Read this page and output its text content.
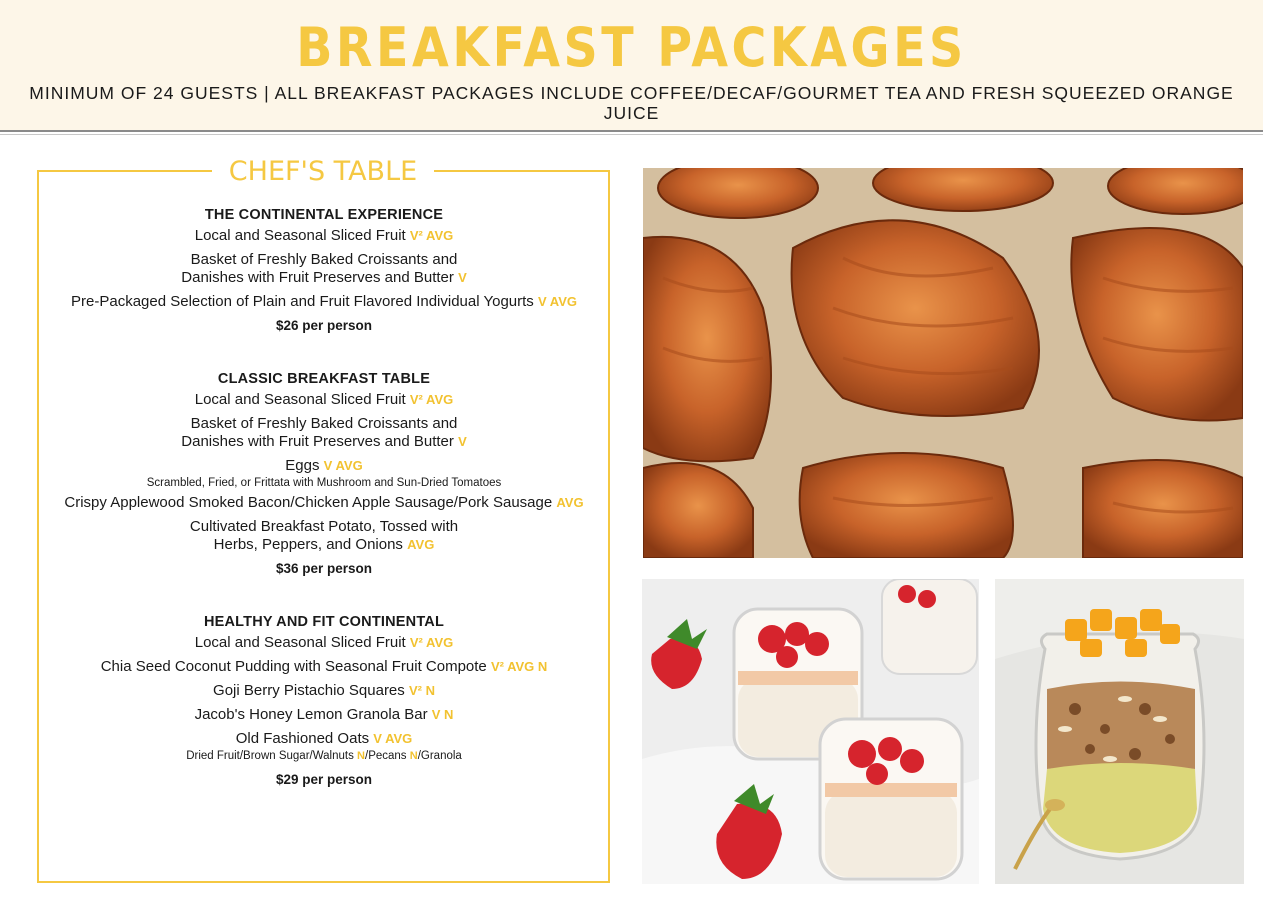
BREAKFAST PACKAGES
MINIMUM OF 24 GUESTS | ALL BREAKFAST PACKAGES INCLUDE COFFEE/DECAF/GOURMET TEA AND FRESH SQUEEZED ORANGE JUICE
CHEF'S TABLE
THE CONTINENTAL EXPERIENCE
Local and Seasonal Sliced Fruit V² AVG
Basket of Freshly Baked Croissants and
Danishes with Fruit Preserves and Butter V
Pre-Packaged Selection of Plain and Fruit Flavored Individual Yogurts V AVG
$26 per person
CLASSIC BREAKFAST TABLE
Local and Seasonal Sliced Fruit V² AVG
Basket of Freshly Baked Croissants and
Danishes with Fruit Preserves and Butter V
Eggs V AVG
Scrambled, Fried, or Frittata with Mushroom and Sun-Dried Tomatoes
Crispy Applewood Smoked Bacon/Chicken Apple Sausage/Pork Sausage AVG
Cultivated Breakfast Potato, Tossed with
Herbs, Peppers, and Onions AVG
$36 per person
HEALTHY AND FIT CONTINENTAL
Local and Seasonal Sliced Fruit V² AVG
Chia Seed Coconut Pudding with Seasonal Fruit Compote V² AVG N
Goji Berry Pistachio Squares V² N
Jacob's Honey Lemon Granola Bar V N
Old Fashioned Oats V AVG
Dried Fruit/Brown Sugar/Walnuts N/Pecans N/Granola
$29 per person
